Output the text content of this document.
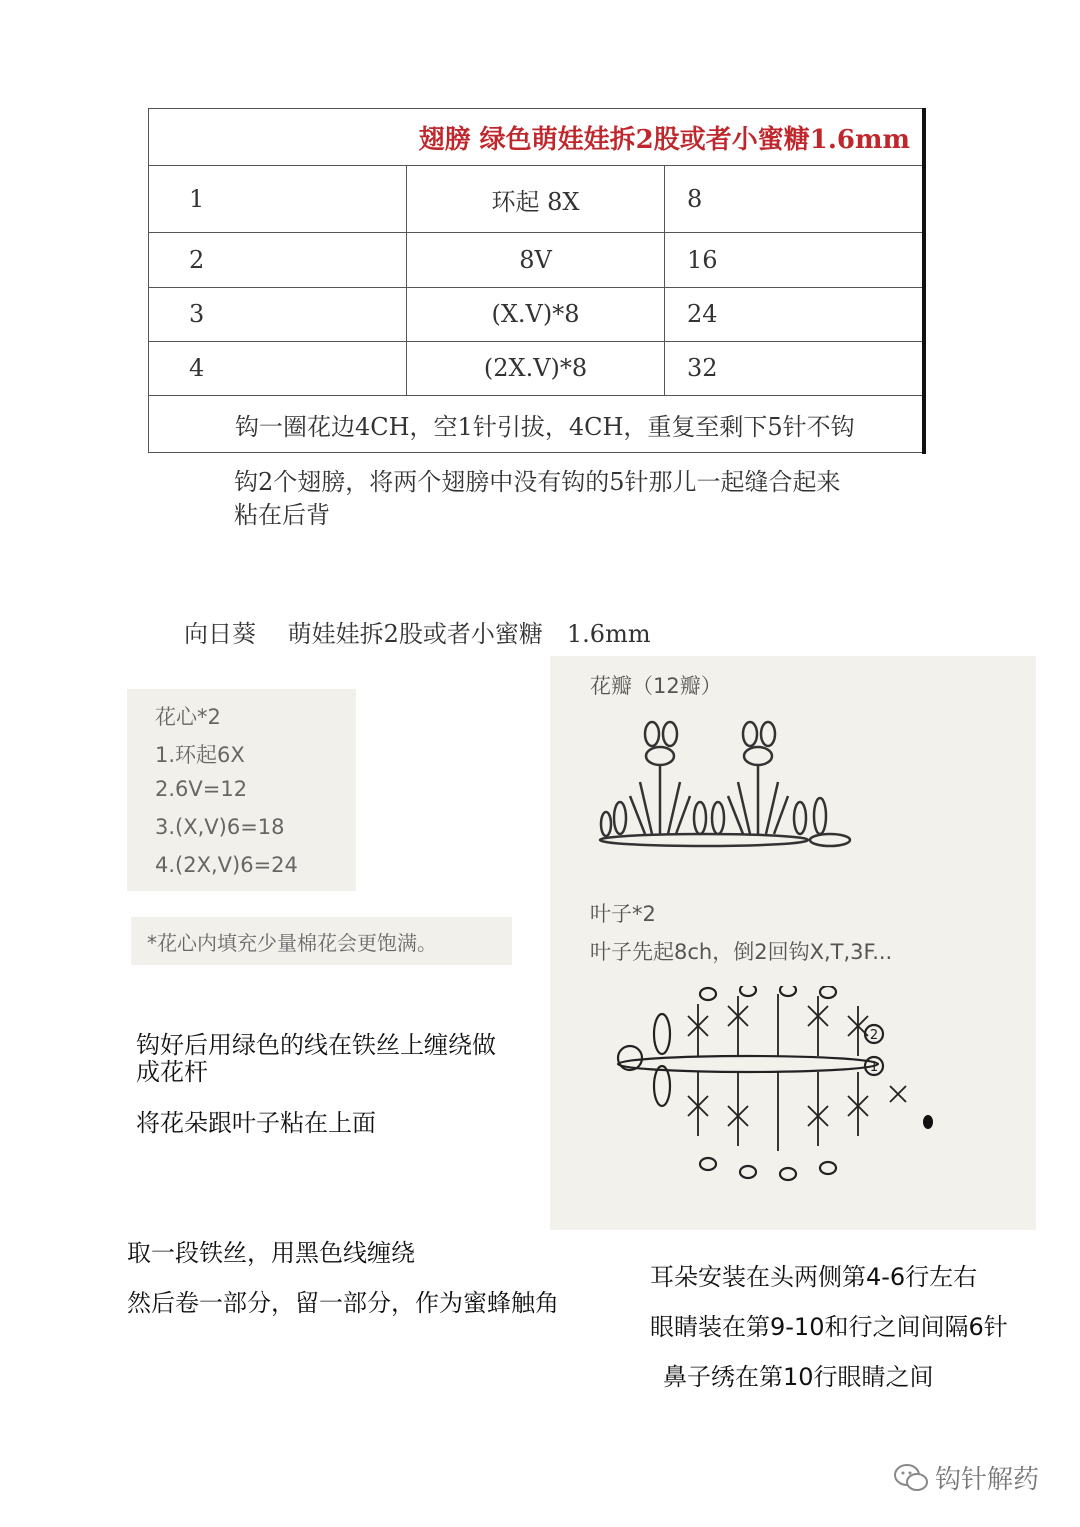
翅膀 绿色萌娃娃拆2股或者小蜜糖1.6mm		
1	环起 8X	8
2	8V	16
3	(X.V)*8	24
4	(2X.V)*8	32
钩一圈花边4CH，空1针引拔，4CH，重复至剩下5针不钩		
钩2个翅膀，将两个翅膀中没有钩的5针那儿一起缝合起来
粘在后背
向日葵　 萌娃娃拆2股或者小蜜糖　1.6mm
花心*2
1.环起6X
2.6V=12
3.(X,V)6=18
4.(2X,V)6=24
*花心内填充少量棉花会更饱满。
钩好后用绿色的线在铁丝上缠绕做
成花杆
将花朵跟叶子粘在上面
花瓣（12瓣）
叶子*2
叶子先起8ch，倒2回钩X,T,3F...
2
1
取一段铁丝，用黑色线缠绕
然后卷一部分，留一部分，作为蜜蜂触角
耳朵安装在头两侧第4-6行左右
眼睛装在第9-10和行之间间隔6针
鼻子绣在第10行眼睛之间
钩针解药
